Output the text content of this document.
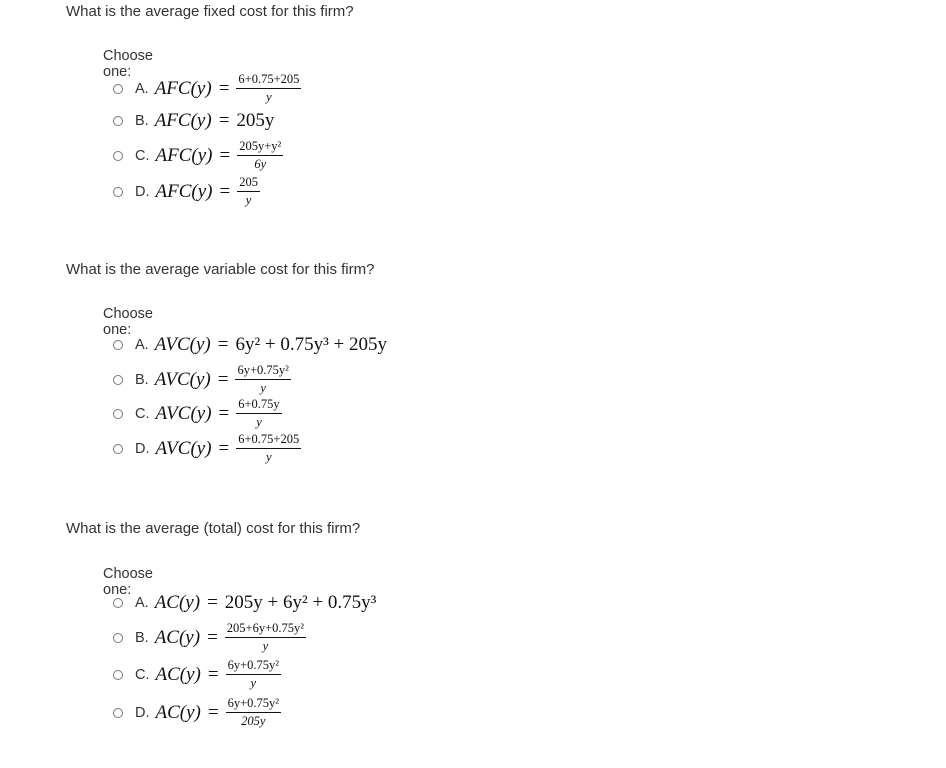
What is the average fixed cost for this firm?

Choose one:
A. $AFC(y) = \frac{6+0.75+205}{y}$
B. AFC(y) = 205y
C. $AFC(y) = \frac{\text{205y+y²}}{6y}$
D. $AFC(y) = \frac{205}{y}$

What is the average variable cost for this firm?

Choose one:
A. AVC(y) = 6y² + 0.75y³ + 205y
B. $AVC(y) = \frac{\text{6y+0.75y²}}{y}$
C. $AVC(y) = \frac{6+0.75y}{y}$
D. $AVC(y) = \frac{6+0.75+205}{y}$

What is the average (total) cost for this firm?

Choose one:
A. AC(y) = 205y + 6y² + 0.75y³
B. $AC(y) = \frac{\text{205+6y+0.75y²}}{y}$
C. $AC(y) = \frac{\text{6y+0.75y²}}{y}$
D. $AC(y) = \frac{\text{6y+0.75y²}}{205y}$
